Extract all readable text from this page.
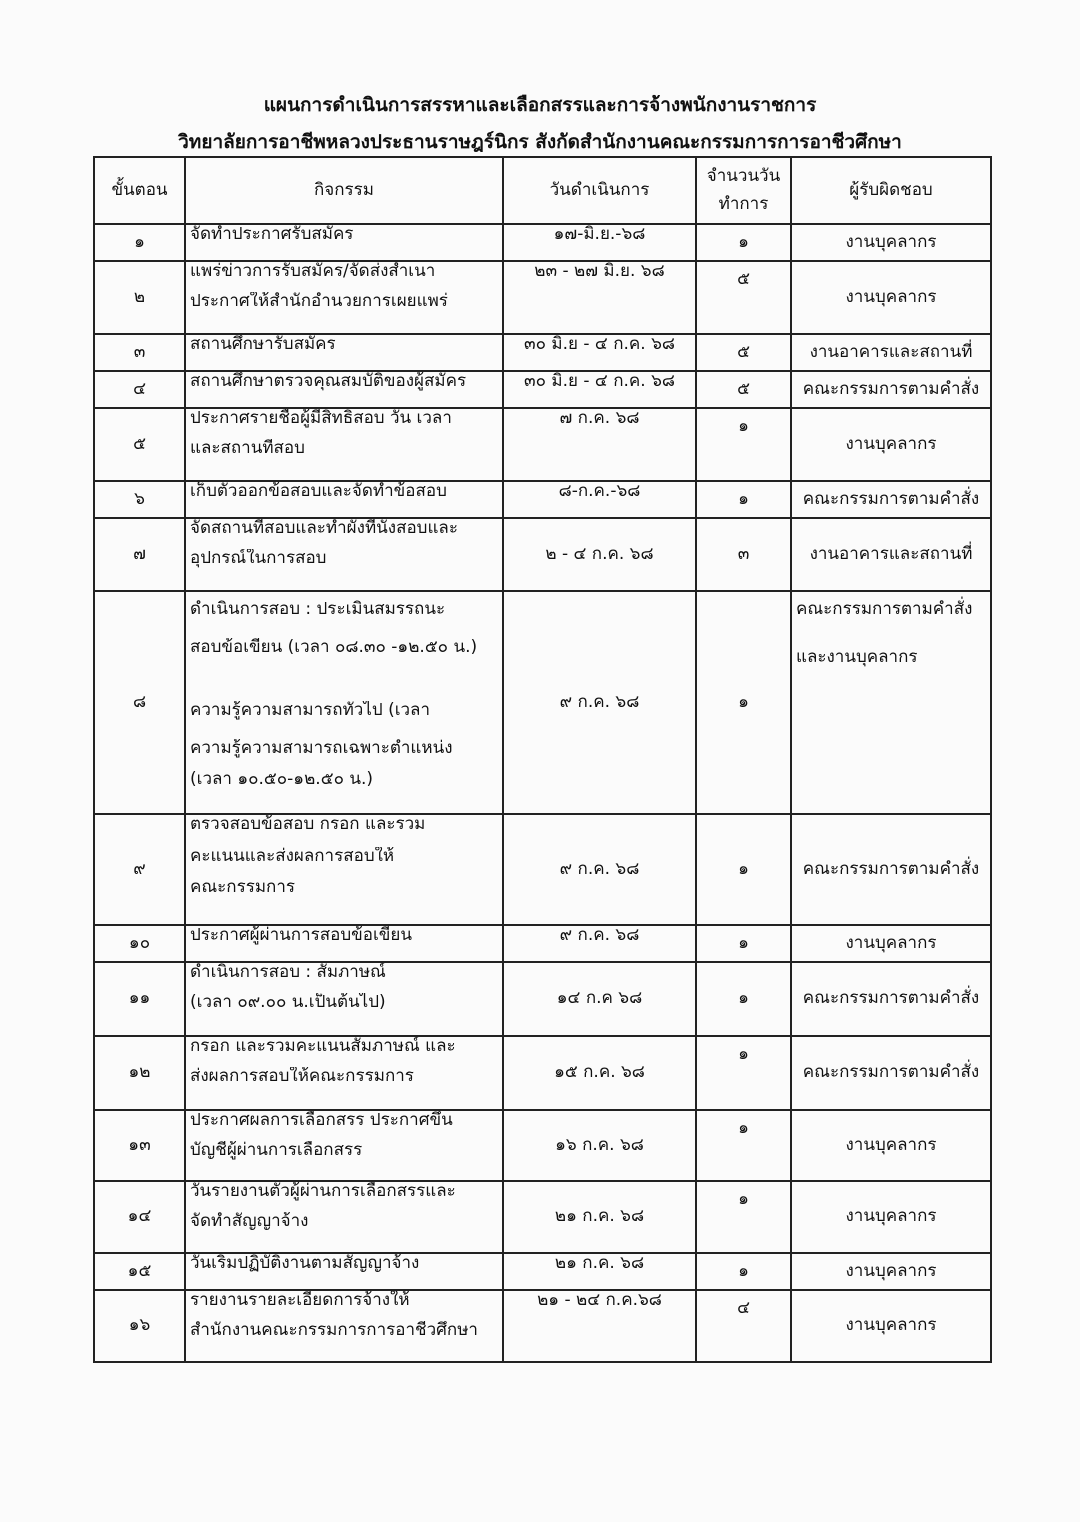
แผนการดำเนินการสรรหาและเลือกสรรและการจ้างพนักงานราชการ
วิทยาลัยการอาชีพหลวงประธานราษฎร์นิกร สังกัดสำนักงานคณะกรรมการการอาชีวศึกษา
ขั้นตอน	กิจกรรม	วันดำเนินการ	จำนวนวัน
ทำการ	ผู้รับผิดชอบ
๑	จัดทำประกาศรับสมัคร	๑๗-มิ.ย.-๖๘	๑	งานบุคลากร
๒	แพร่ข่าวการรับสมัคร/จัดส่งสำเนา
ประกาศให้สำนักอำนวยการเผยแพร่	๒๓ - ๒๗ มิ.ย. ๖๘	๕	งานบุคลากร
๓	สถานศึกษารับสมัคร	๓๐ มิ.ย - ๔ ก.ค. ๖๘	๕	งานอาคารและสถานที่
๔	สถานศึกษาตรวจคุณสมบัติของผู้สมัคร	๓๐ มิ.ย - ๔ ก.ค. ๖๘	๕	คณะกรรมการตามคำสั่ง
๕	ประกาศรายชื่อผู้มีสิทธิสอบ วัน เวลา
และสถานที่สอบ	๗ ก.ค. ๖๘	๑	งานบุคลากร
๖	เก็บตัวออกข้อสอบและจัดทำข้อสอบ	๘-ก.ค.-๖๘	๑	คณะกรรมการตามคำสั่ง
๗	จัดสถานที่สอบและทำผังที่นั่งสอบและ
อุปกรณ์ในการสอบ	๒ - ๔ ก.ค. ๖๘	๓	งานอาคารและสถานที่
๘	ดำเนินการสอบ : ประเมินสมรรถนะ
สอบข้อเขียน (เวลา ๐๘.๓๐ -๑๒.๕๐ น.)
ความรู้ความสามารถทั่วไป (เวลา
ความรู้ความสามารถเฉพาะตำแหน่ง
(เวลา ๑๐.๕๐-๑๒.๕๐ น.)	๙ ก.ค. ๖๘	๑	คณะกรรมการตามคำสั่ง
และงานบุคลากร

๙	ตรวจสอบข้อสอบ กรอก และรวม
คะแนนและส่งผลการสอบให้
คณะกรรมการ	๙ ก.ค. ๖๘	๑	คณะกรรมการตามคำสั่ง
๑๐	ประกาศผู้ผ่านการสอบข้อเขียน	๙ ก.ค. ๖๘	๑	งานบุคลากร
๑๑	ดำเนินการสอบ : สัมภาษณ์
(เวลา ๐๙.๐๐ น.เป็นต้นไป)	๑๔ ก.ค ๖๘	๑	คณะกรรมการตามคำสั่ง
๑๒	กรอก และรวมคะแนนสัมภาษณ์ และ
ส่งผลการสอบให้คณะกรรมการ	๑๕ ก.ค. ๖๘	๑	คณะกรรมการตามคำสั่ง
๑๓	ประกาศผลการเลือกสรร ประกาศขึ้น
บัญชีผู้ผ่านการเลือกสรร	๑๖ ก.ค. ๖๘	๑	งานบุคลากร
๑๔	วันรายงานตัวผู้ผ่านการเลือกสรรและ
จัดทำสัญญาจ้าง	๒๑ ก.ค. ๖๘	๑	งานบุคลากร
๑๕	วันเริ่มปฏิบัติงานตามสัญญาจ้าง	๒๑ ก.ค. ๖๘	๑	งานบุคลากร
๑๖	รายงานรายละเอียดการจ้างให้
สำนักงานคณะกรรมการการอาชีวศึกษา	๒๑ - ๒๔ ก.ค.๖๘	๔	งานบุคลากร
